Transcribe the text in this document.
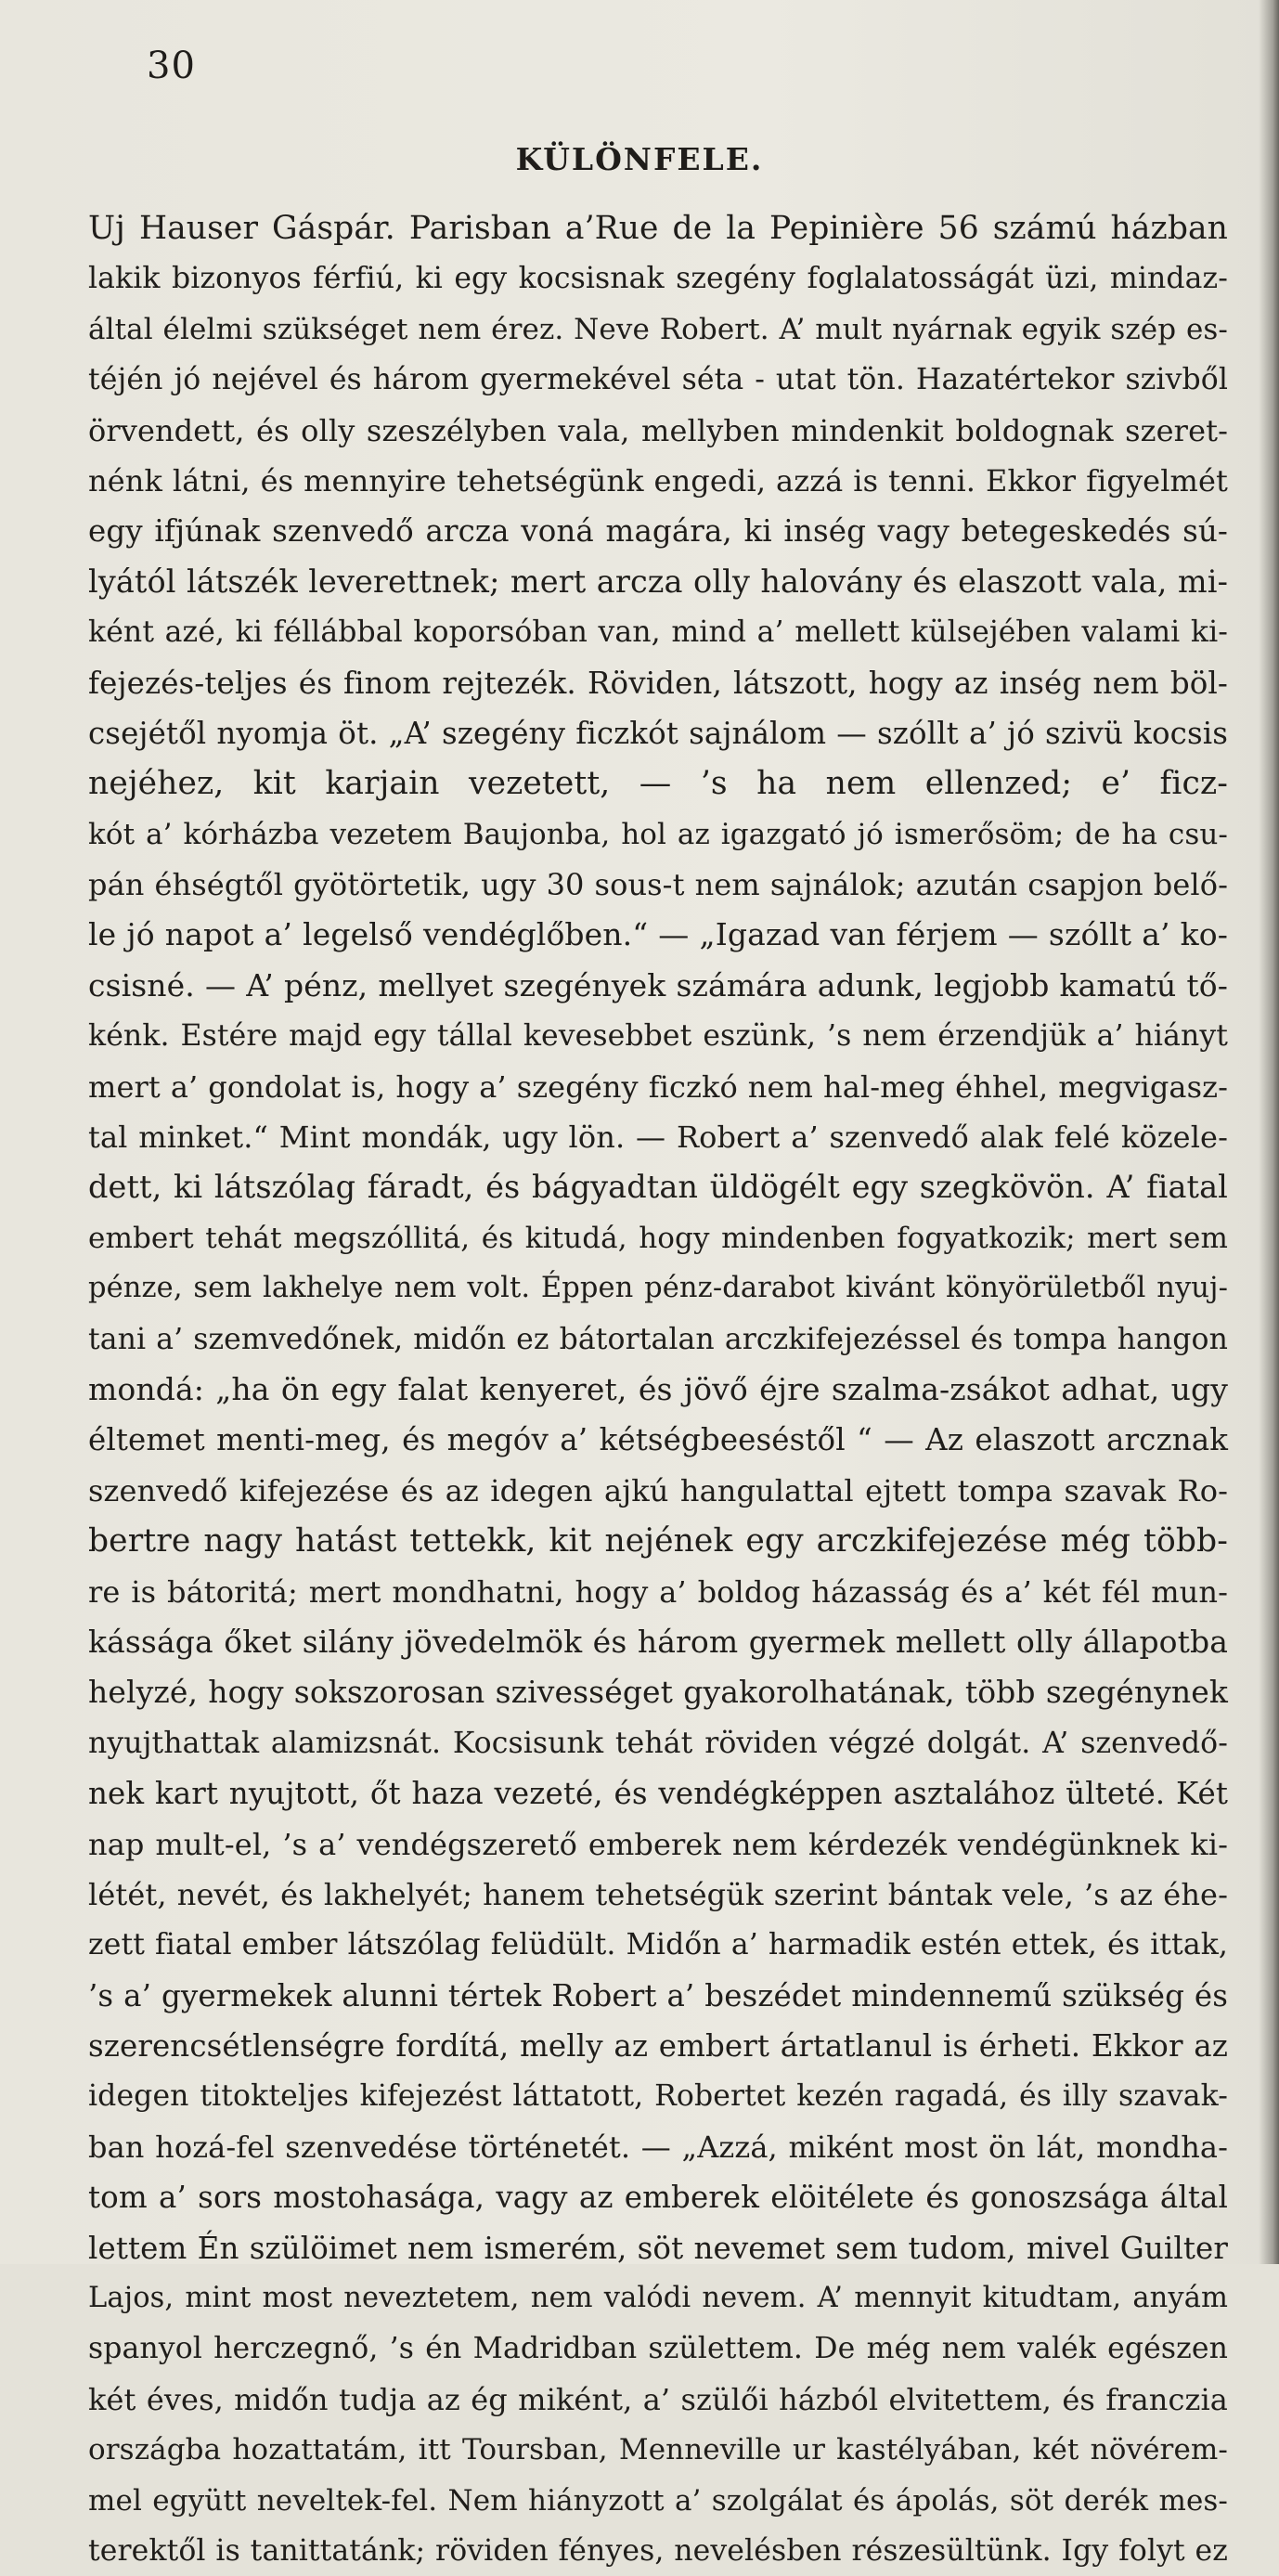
30
KÜLÖNFELE.
Uj Hauser Gáspár. Parisban a’Rue de la Pepinière 56 számú házban
lakik bizonyos férfiú, ki egy kocsisnak szegény foglalatosságát üzi, mindaz-
által élelmi szükséget nem érez. Neve Robert. A’ mult nyárnak egyik szép es-
téjén jó nejével és három gyermekével séta - utat tön. Hazatértekor szivből
örvendett, és olly szeszélyben vala, mellyben mindenkit boldognak szeret-
nénk látni, és mennyire tehetségünk engedi, azzá is tenni. Ekkor figyelmét
egy ifjúnak szenvedő arcza voná magára, ki inség vagy betegeskedés sú-
lyától látszék leverettnek; mert arcza olly halovány és elaszott vala, mi-
ként azé, ki féllábbal koporsóban van, mind a’ mellett külsejében valami ki-
fejezés-teljes és finom rejtezék. Röviden, látszott, hogy az inség nem böl-
csejétől nyomja öt. „A’ szegény ficzkót sajnálom — szóllt a’ jó szivü kocsis
nejéhez, kit karjain vezetett, — ’s ha nem ellenzed; e’ ficz-
kót a’ kórházba vezetem Baujonba, hol az igazgató jó ismerősöm; de ha csu-
pán éhségtől gyötörtetik, ugy 30 sous-t nem sajnálok; azután csapjon belő-
le jó napot a’ legelső vendéglőben.“ — „Igazad van férjem — szóllt a’ ko-
csisné. — A’ pénz, mellyet szegények számára adunk, legjobb kamatú tő-
kénk. Estére majd egy tállal kevesebbet eszünk, ’s nem érzendjük a’ hiányt
mert a’ gondolat is, hogy a’ szegény ficzkó nem hal-meg éhhel, megvigasz-
tal minket.“ Mint mondák, ugy lön. — Robert a’ szenvedő alak felé közele-
dett, ki látszólag fáradt, és bágyadtan üldögélt egy szegkövön. A’ fiatal
embert tehát megszóllitá, és kitudá, hogy mindenben fogyatkozik; mert sem
pénze, sem lakhelye nem volt. Éppen pénz-darabot kivánt könyörületből nyuj-
tani a’ szemvedőnek, midőn ez bátortalan arczkifejezéssel és tompa hangon
mondá: „ha ön egy falat kenyeret, és jövő éjre szalma-zsákot adhat, ugy
éltemet menti-meg, és megóv a’ kétségbeeséstől “ — Az elaszott arcznak
szenvedő kifejezése és az idegen ajkú hangulattal ejtett tompa szavak Ro-
bertre nagy hatást tettekk, kit nejének egy arczkifejezése még több-
re is bátoritá; mert mondhatni, hogy a’ boldog házasság és a’ két fél mun-
kássága őket silány jövedelmök és három gyermek mellett olly állapotba
helyzé, hogy sokszorosan szivességet gyakorolhatának, több szegénynek
nyujthattak alamizsnát. Kocsisunk tehát röviden végzé dolgát. A’ szenvedő-
nek kart nyujtott, őt haza vezeté, és vendégképpen asztalához ülteté. Két
nap mult-el, ’s a’ vendégszerető emberek nem kérdezék vendégünknek ki-
létét, nevét, és lakhelyét; hanem tehetségük szerint bántak vele, ’s az éhe-
zett fiatal ember látszólag felüdült. Midőn a’ harmadik estén ettek, és ittak,
’s a’ gyermekek alunni tértek Robert a’ beszédet mindennemű szükség és
szerencsétlenségre fordítá, melly az embert ártatlanul is érheti. Ekkor az
idegen titokteljes kifejezést láttatott, Robertet kezén ragadá, és illy szavak-
ban hozá-fel szenvedése történetét. — „Azzá, miként most ön lát, mondha-
tom a’ sors mostohasága, vagy az emberek elöitélete és gonoszsága által
lettem Én szülöimet nem ismerém, söt nevemet sem tudom, mivel Guilter
Lajos, mint most neveztetem, nem valódi nevem. A’ mennyit kitudtam, anyám
spanyol herczegnő, ’s én Madridban születtem. De még nem valék egészen
két éves, midőn tudja az ég miként, a’ szülői házból elvitettem, és franczia
országba hozattatám, itt Toursban, Menneville ur kastélyában, két növérem-
mel együtt neveltek-fel. Nem hiányzott a’ szolgálat és ápolás, söt derék mes-
terektől is tanittatánk; röviden fényes, nevelésben részesültünk. Igy folyt ez
